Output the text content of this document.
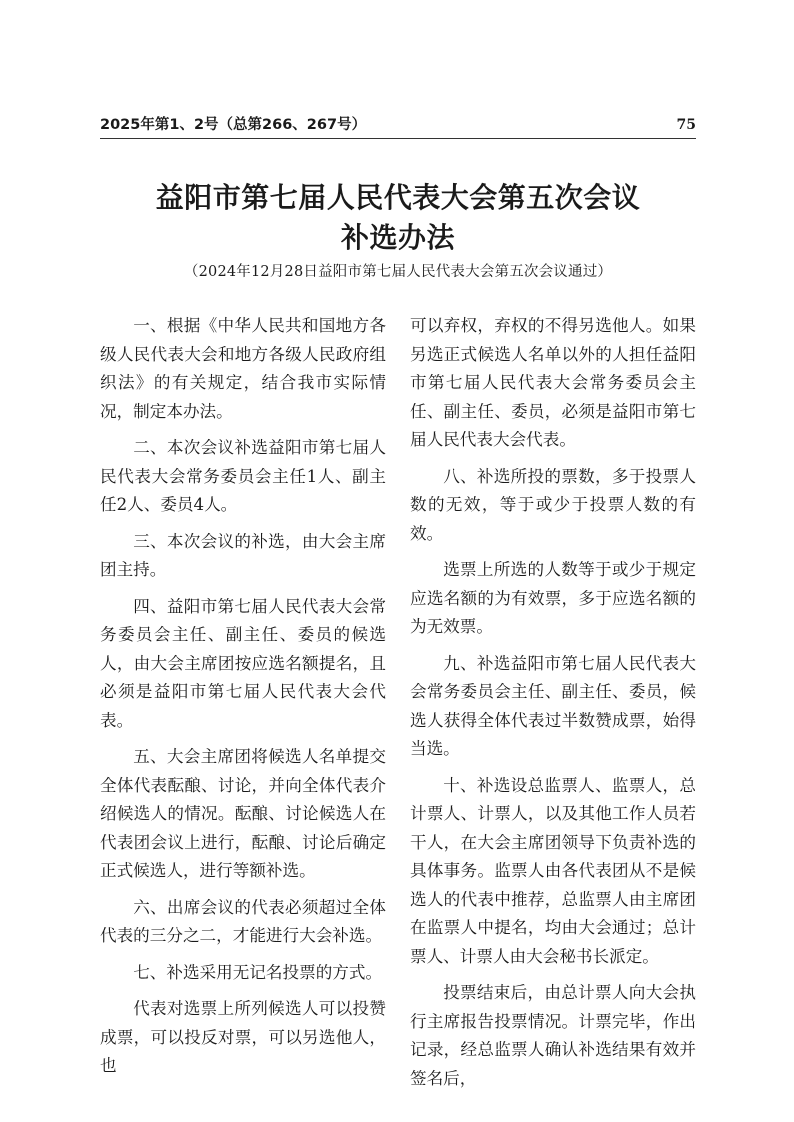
2025年第1、2号（总第266、267号）	75
益阳市第七届人民代表大会第五次会议
补选办法
（2024年12月28日益阳市第七届人民代表大会第五次会议通过）

一、根据《中华人民共和国地方各级人民代表大会和地方各级人民政府组织法》的有关规定，结合我市实际情况，制定本办法。

二、本次会议补选益阳市第七届人民代表大会常务委员会主任1人、副主任2人、委员4人。

三、本次会议的补选，由大会主席团主持。

四、益阳市第七届人民代表大会常务委员会主任、副主任、委员的候选人，由大会主席团按应选名额提名，且必须是益阳市第七届人民代表大会代表。

五、大会主席团将候选人名单提交全体代表酝酿、讨论，并向全体代表介绍候选人的情况。酝酿、讨论候选人在代表团会议上进行，酝酿、讨论后确定正式候选人，进行等额补选。

六、出席会议的代表必须超过全体代表的三分之二，才能进行大会补选。

七、补选采用无记名投票的方式。

代表对选票上所列候选人可以投赞成票，可以投反对票，可以另选他人，也

可以弃权，弃权的不得另选他人。如果另选正式候选人名单以外的人担任益阳市第七届人民代表大会常务委员会主任、副主任、委员，必须是益阳市第七届人民代表大会代表。

八、补选所投的票数，多于投票人数的无效，等于或少于投票人数的有效。

选票上所选的人数等于或少于规定应选名额的为有效票，多于应选名额的为无效票。

九、补选益阳市第七届人民代表大会常务委员会主任、副主任、委员，候选人获得全体代表过半数赞成票，始得当选。

十、补选设总监票人、监票人，总计票人、计票人，以及其他工作人员若干人，在大会主席团领导下负责补选的具体事务。监票人由各代表团从不是候选人的代表中推荐，总监票人由主席团在监票人中提名，均由大会通过；总计票人、计票人由大会秘书长派定。

投票结束后，由总计票人向大会执行主席报告投票情况。计票完毕，作出记录，经总监票人确认补选结果有效并签名后，
